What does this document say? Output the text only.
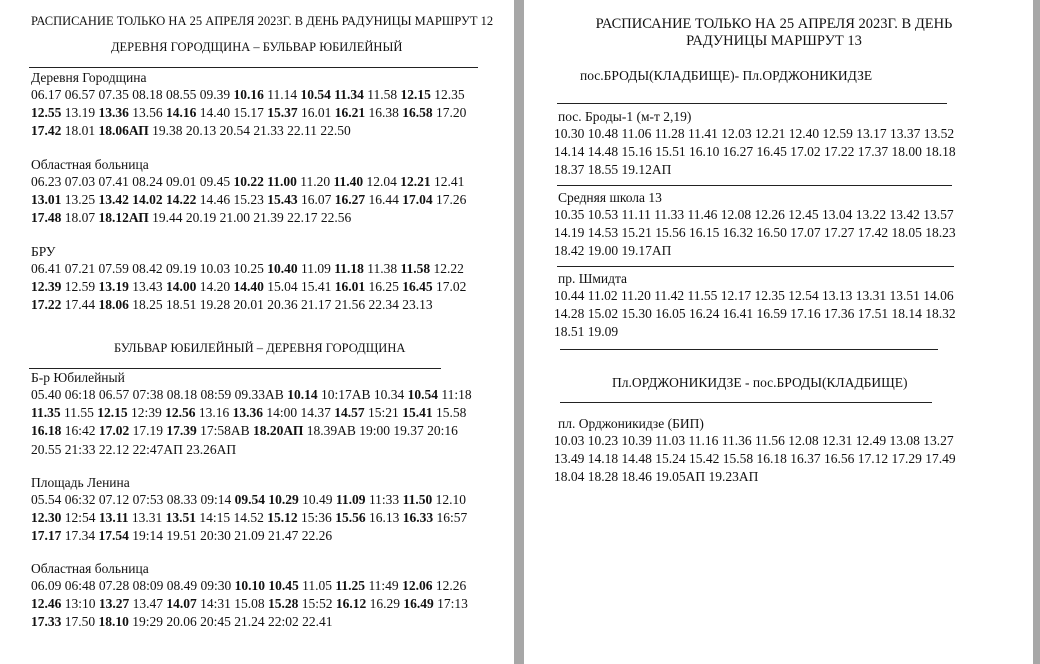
РАСПИСАНИЕ ТОЛЬКО НА 25 АПРЕЛЯ 2023Г. В ДЕНЬ РАДУНИЦЫ МАРШРУТ 12
ДЕРЕВНЯ ГОРОДЩИНА – БУЛЬВАР ЮБИЛЕЙНЫЙ
Деревня Городщина
06.17 06.57 07.35 08.18 08.55 09.39 10.16 11.14 10.54 11.34 11.58 12.15 12.35 12.55 13.19 13.36 13.56 14.16 14.40 15.17 15.37 16.01 16.21 16.38 16.58 17.20 17.42 18.01 18.06АП 19.38 20.13 20.54 21.33 22.11 22.50
Областная больница
06.23 07.03 07.41 08.24 09.01 09.45 10.22 11.00 11.20 11.40 12.04 12.21 12.41 13.01 13.25 13.42 14.02 14.22 14.46 15.23 15.43 16.07 16.27 16.44 17.04 17.26 17.48 18.07 18.12АП 19.44 20.19 21.00 21.39 22.17 22.56
БРУ
06.41 07.21 07.59 08.42 09.19 10.03 10.25 10.40 11.09 11.18 11.38 11.58 12.22 12.39 12.59 13.19 13.43 14.00 14.20 14.40 15.04 15.41 16.01 16.25 16.45 17.02 17.22 17.44 18.06 18.25 18.51 19.28 20.01 20.36 21.17 21.56 22.34 23.13
БУЛЬВАР ЮБИЛЕЙНЫЙ – ДЕРЕВНЯ ГОРОДЩИНА
Б-р Юбилейный
05.40 06:18 06.57 07:38 08.18 08:59 09.33АВ 10.14 10:17АВ 10.34 10.54 11:18 11.35 11.55 12.15 12:39 12.56 13.16 13.36 14:00 14.37 14.57 15:21 15.41 15.58 16.18 16:42 17.02 17.19 17.39 17:58АВ 18.20АП 18.39АВ 19:00 19.37 20:16 20.55 21:33 22.12 22:47АП 23.26АП
Площадь Ленина
05.54 06:32 07.12 07:53 08.33 09:14 09.54 10.29 10.49 11.09 11:33 11.50 12.10 12.30 12:54 13.11 13.31 13.51 14:15 14.52 15.12 15:36 15.56 16.13 16.33 16:57 17.17 17.34 17.54 19:14 19.51 20:30 21.09 21.47 22.26
Областная больница
06.09 06:48 07.28 08:09 08.49 09:30 10.10 10.45 11.05 11.25 11:49 12.06 12.26 12.46 13:10 13.27 13.47 14.07 14:31 15.08 15.28 15:52 16.12 16.29 16.49 17:13 17.33 17.50 18.10 19:29 20.06 20:45 21.24 22:02 22.41
РАСПИСАНИЕ ТОЛЬКО НА 25 АПРЕЛЯ 2023Г. В ДЕНЬ
РАДУНИЦЫ МАРШРУТ 13
пос.БРОДЫ(КЛАДБИЩЕ)- Пл.ОРДЖОНИКИДЗЕ
пос. Броды-1 (м-т 2,19)
10.30 10.48 11.06 11.28 11.41 12.03 12.21 12.40 12.59 13.17 13.37 13.52 14.14 14.48 15.16 15.51 16.10 16.27 16.45 17.02 17.22 17.37 18.00 18.18 18.37 18.55 19.12АП
Средняя школа 13
10.35 10.53 11.11 11.33 11.46 12.08 12.26 12.45 13.04 13.22 13.42 13.57 14.19 14.53 15.21 15.56 16.15 16.32 16.50 17.07 17.27 17.42 18.05 18.23 18.42 19.00 19.17АП
пр. Шмидта
10.44 11.02 11.20 11.42 11.55 12.17 12.35 12.54 13.13 13.31 13.51 14.06 14.28 15.02 15.30 16.05 16.24 16.41 16.59 17.16 17.36 17.51 18.14 18.32 18.51 19.09
Пл.ОРДЖОНИКИДЗЕ - пос.БРОДЫ(КЛАДБИЩЕ)
пл. Орджоникидзе (БИП)
10.03 10.23 10.39 11.03 11.16 11.36 11.56 12.08 12.31 12.49 13.08 13.27 13.49 14.18 14.48 15.24 15.42 15.58 16.18 16.37 16.56 17.12 17.29 17.49 18.04 18.28 18.46 19.05АП 19.23АП
